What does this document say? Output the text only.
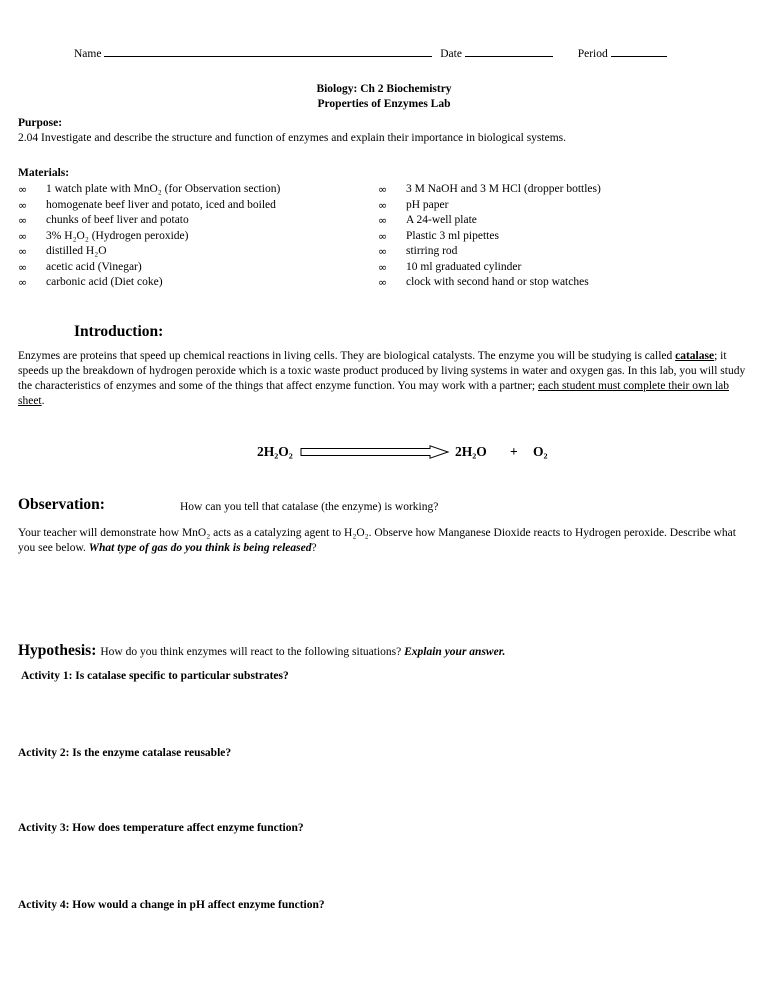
Name	Date	Period
Biology: Ch 2 Biochemistry
Properties of Enzymes Lab
Purpose:
2.04 Investigate and describe the structure and function of enzymes and explain their importance in biological systems.
Materials:
∞ 1 watch plate with MnO₂ (for Observation section)
∞ homogenate beef liver and potato, iced and boiled
∞ chunks of beef liver and potato
∞ 3% H₂O₂ (Hydrogen peroxide)
∞ distilled H₂O
∞ acetic acid (Vinegar)
∞ carbonic acid (Diet coke)
∞ 3 M NaOH and 3 M HCl (dropper bottles)
∞ pH paper
∞ A 24-well plate
∞ Plastic 3 ml pipettes
∞ stirring rod
∞ 10 ml graduated cylinder
∞ clock with second hand or stop watches
Introduction:
Enzymes are proteins that speed up chemical reactions in living cells. They are biological catalysts. The enzyme you will be studying is called catalase; it speeds up the breakdown of hydrogen peroxide which is a toxic waste product produced by living systems in water and oxygen gas. In this lab, you will study the characteristics of enzymes and some of the things that affect enzyme function. You may work with a partner; each student must complete their own lab sheet.
2H₂O₂	2H₂O + O₂
Observation:	How can you tell that catalase (the enzyme) is working?
Your teacher will demonstrate how MnO₂ acts as a catalyzing agent to H₂O₂. Observe how Manganese Dioxide reacts to Hydrogen peroxide. Describe what you see below. What type of gas do you think is being released?
Hypothesis: How do you think enzymes will react to the following situations? Explain your answer.
Activity 1: Is catalase specific to particular substrates?
Activity 2: Is the enzyme catalase reusable?
Activity 3: How does temperature affect enzyme function?
Activity 4: How would a change in pH affect enzyme function?
